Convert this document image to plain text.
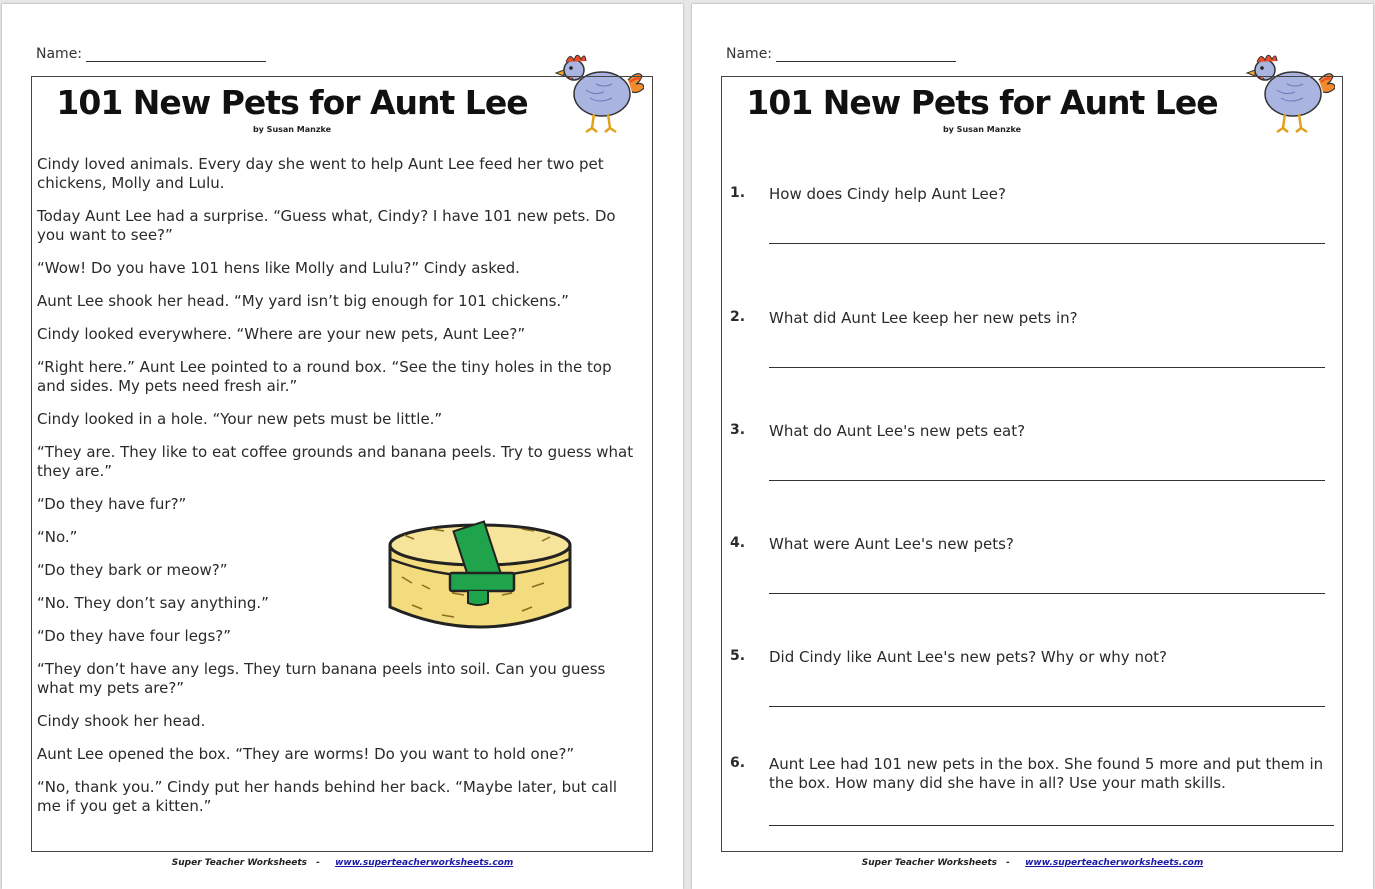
Name:
101 New Pets for Aunt Lee
by Susan Manzke

Cindy loved animals. Every day she went to help Aunt Lee feed her two pet chickens, Molly and Lulu.

Today Aunt Lee had a surprise. “Guess what, Cindy? I have 101 new pets. Do you want to see?”

“Wow! Do you have 101 hens like Molly and Lulu?” Cindy asked.

Aunt Lee shook her head. “My yard isn’t big enough for 101 chickens.”

Cindy looked everywhere. “Where are your new pets, Aunt Lee?”

“Right here.” Aunt Lee pointed to a round box. “See the tiny holes in the top and sides. My pets need fresh air.”

Cindy looked in a hole. “Your new pets must be little.”

“They are. They like to eat coffee grounds and banana peels. Try to guess what they are.”

“Do they have fur?”

“No.”

“Do they bark or meow?”

“No. They don’t say anything.”

“Do they have four legs?”

“They don’t have any legs. They turn banana peels into soil. Can you guess what my pets are?”

Cindy shook her head.

Aunt Lee opened the box. “They are worms! Do you want to hold one?”

“No, thank you.” Cindy put her hands behind her back. “Maybe later, but call me if you get a kitten.”

Super Teacher Worksheets - www.superteacherworksheets.com
Name:
101 New Pets for Aunt Lee
by Susan Manzke
1. How does Cindy help Aunt Lee?
2. What did Aunt Lee keep her new pets in?
3. What do Aunt Lee's new pets eat?
4. What were Aunt Lee's new pets?
5. Did Cindy like Aunt Lee's new pets? Why or why not?
6. Aunt Lee had 101 new pets in the box. She found 5 more and put them in the box. How many did she have in all? Use your math skills.
Super Teacher Worksheets - www.superteacherworksheets.com
